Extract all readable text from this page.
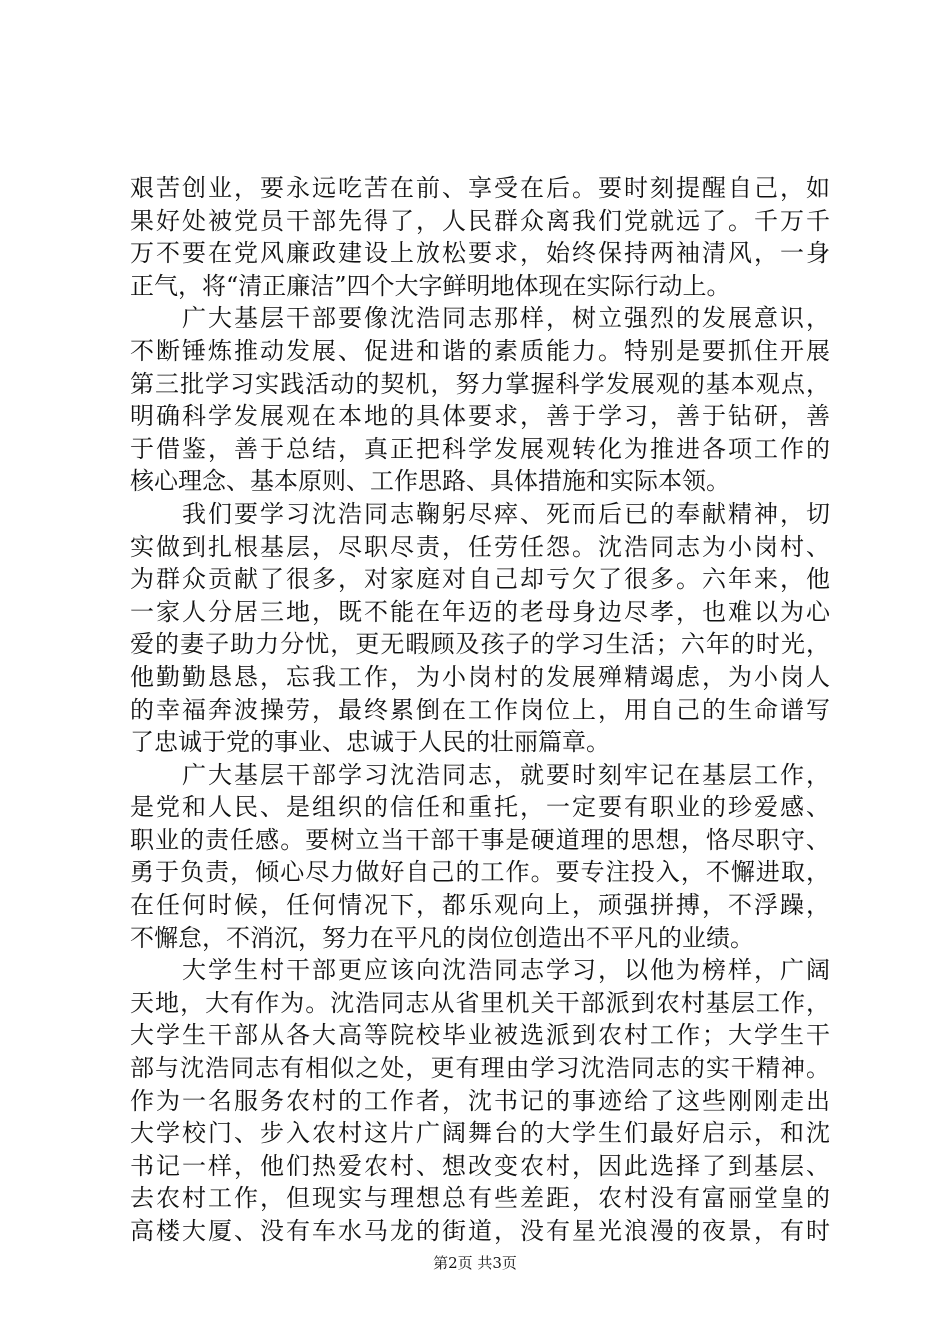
艰苦创业，要永远吃苦在前、享受在后。要时刻提醒自己，如
果好处被党员干部先得了，人民群众离我们党就远了。千万千
万不要在党风廉政建设上放松要求，始终保持两袖清风，一身
正气，将“清正廉洁”四个大字鲜明地体现在实际行动上。
广大基层干部要像沈浩同志那样，树立强烈的发展意识，
不断锤炼推动发展、促进和谐的素质能力。特别是要抓住开展
第三批学习实践活动的契机，努力掌握科学发展观的基本观点，
明确科学发展观在本地的具体要求，善于学习，善于钻研，善
于借鉴，善于总结，真正把科学发展观转化为推进各项工作的
核心理念、基本原则、工作思路、具体措施和实际本领。
我们要学习沈浩同志鞠躬尽瘁、死而后已的奉献精神，切
实做到扎根基层，尽职尽责，任劳任怨。沈浩同志为小岗村、
为群众贡献了很多，对家庭对自己却亏欠了很多。六年来，他
一家人分居三地，既不能在年迈的老母身边尽孝，也难以为心
爱的妻子助力分忧，更无暇顾及孩子的学习生活；六年的时光，
他勤勤恳恳，忘我工作，为小岗村的发展殚精竭虑，为小岗人
的幸福奔波操劳，最终累倒在工作岗位上，用自己的生命谱写
了忠诚于党的事业、忠诚于人民的壮丽篇章。
广大基层干部学习沈浩同志，就要时刻牢记在基层工作，
是党和人民、是组织的信任和重托，一定要有职业的珍爱感、
职业的责任感。要树立当干部干事是硬道理的思想，恪尽职守、
勇于负责，倾心尽力做好自己的工作。要专注投入，不懈进取，
在任何时候，任何情况下，都乐观向上，顽强拼搏，不浮躁，
不懈怠，不消沉，努力在平凡的岗位创造出不平凡的业绩。
大学生村干部更应该向沈浩同志学习，以他为榜样，广阔
天地，大有作为。沈浩同志从省里机关干部派到农村基层工作，
大学生干部从各大高等院校毕业被选派到农村工作；大学生干
部与沈浩同志有相似之处，更有理由学习沈浩同志的实干精神。
作为一名服务农村的工作者，沈书记的事迹给了这些刚刚走出
大学校门、步入农村这片广阔舞台的大学生们最好启示，和沈
书记一样，他们热爱农村、想改变农村，因此选择了到基层、
去农村工作，但现实与理想总有些差距，农村没有富丽堂皇的
高楼大厦、没有车水马龙的街道，没有星光浪漫的夜景，有时
第2页 共3页
